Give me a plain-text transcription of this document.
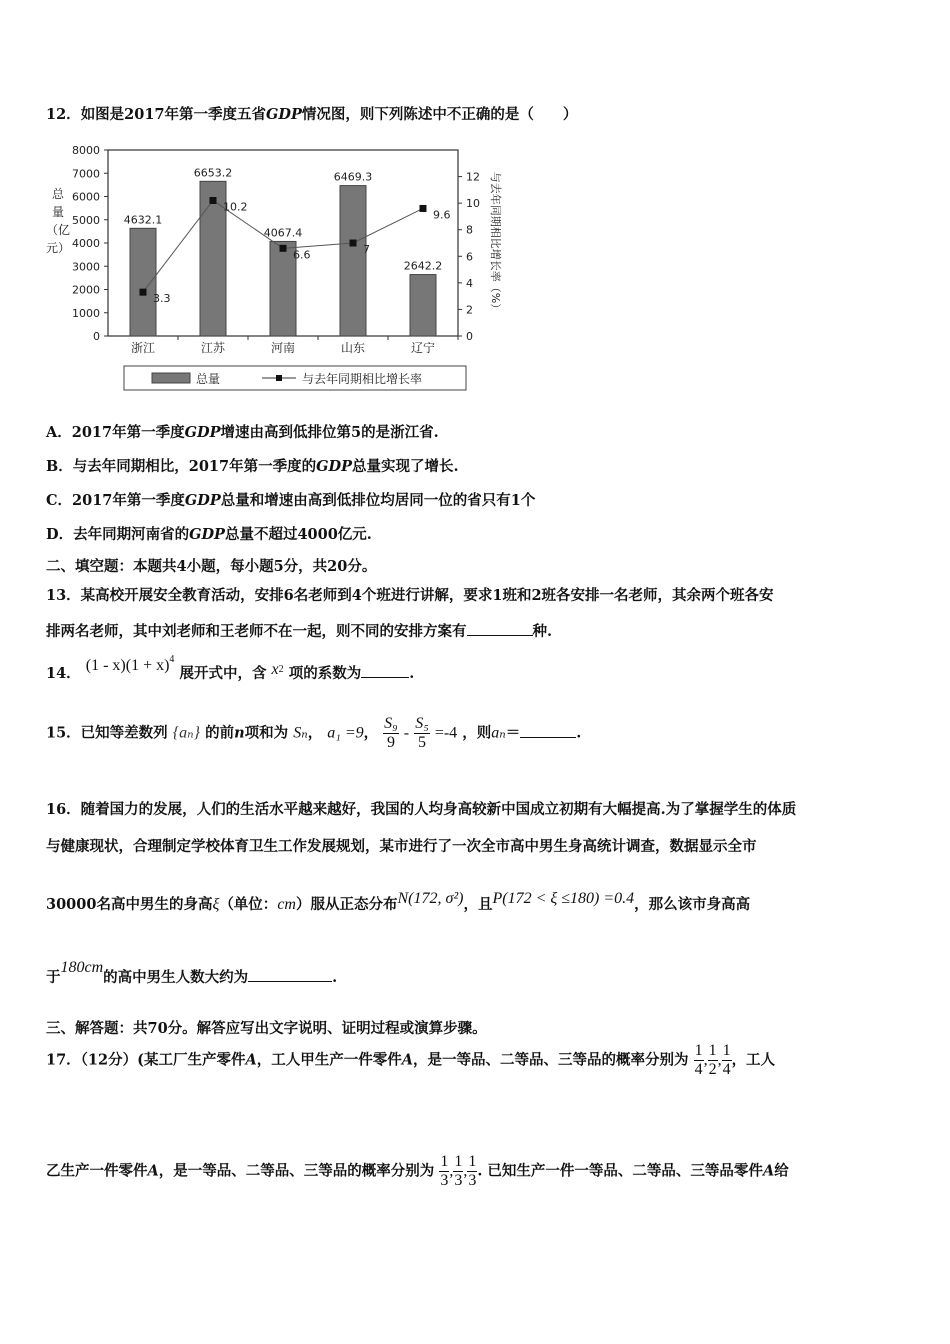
12．如图是2017年第一季度五省GDP情况图，则下列陈述中不正确的是（　　）
0
1000
2000
3000
4000
5000
6000
7000
8000
0
2
4
6
8
10
12
总
量
（亿
元）	与去年同期相比增长率（%）
4632.1
6653.2
4067.4
6469.3
2642.2
浙江	江苏	河南	山东	辽宁
3.3
10.2
6.6	7
9.6
总量	与去年同期相比增长率
A．2017年第一季度GDP增速由高到低排位第5的是浙江省.
B．与去年同期相比，2017年第一季度的GDP总量实现了增长.
C．2017年第一季度GDP总量和增速由高到低排位均居同一位的省只有1个
D．去年同期河南省的GDP总量不超过4000亿元.
二、填空题：本题共4小题，每小题5分，共20分。
13．某高校开展安全教育活动，安排6名老师到4个班进行讲解，要求1班和2班各安排一名老师，其余两个班各安
排两名老师，其中刘老师和王老师不在一起，则不同的安排方案有	种.
14． $(1 - x)(1 + x)^4$ 展开式中，含 $x^2$ 项的系数为	.
15．已知等差数列 {aₙ} 的前n项和为 Sₙ， a₁ =9， $\frac{\text{S₉}}{9} - \frac{\text{S₅}}{5} =-4$ ，则aₙ＝	.
16．随着国力的发展，人们的生活水平越来越好，我国的人均身高较新中国成立初期有大幅提高.为了掌握学生的体质
与健康现状，合理制定学校体育卫生工作发展规划，某市进行了一次全市高中男生身高统计调查，数据显示全市
30000名高中男生的身高ξ（单位：cm）服从正态分布N(172, σ²)，且P(172 < ξ ≤180) =0.4，那么该市身高高
于180cm的高中男生人数大约为	.
三、解答题：共70分。解答应写出文字说明、证明过程或演算步骤。
17．（12分）(某工厂生产零件A，工人甲生产一件零件A，是一等品、二等品、三等品的概率分别为 $\frac{1}{4}$ , $\frac{1}{2}$ , $\frac{1}{4}$ ，工人
乙生产一件零件A，是一等品、二等品、三等品的概率分别为 $\frac{1}{3}$ , $\frac{1}{3}$ , $\frac{1}{3}$ . 已知生产一件一等品、二等品、三等品零件A给
